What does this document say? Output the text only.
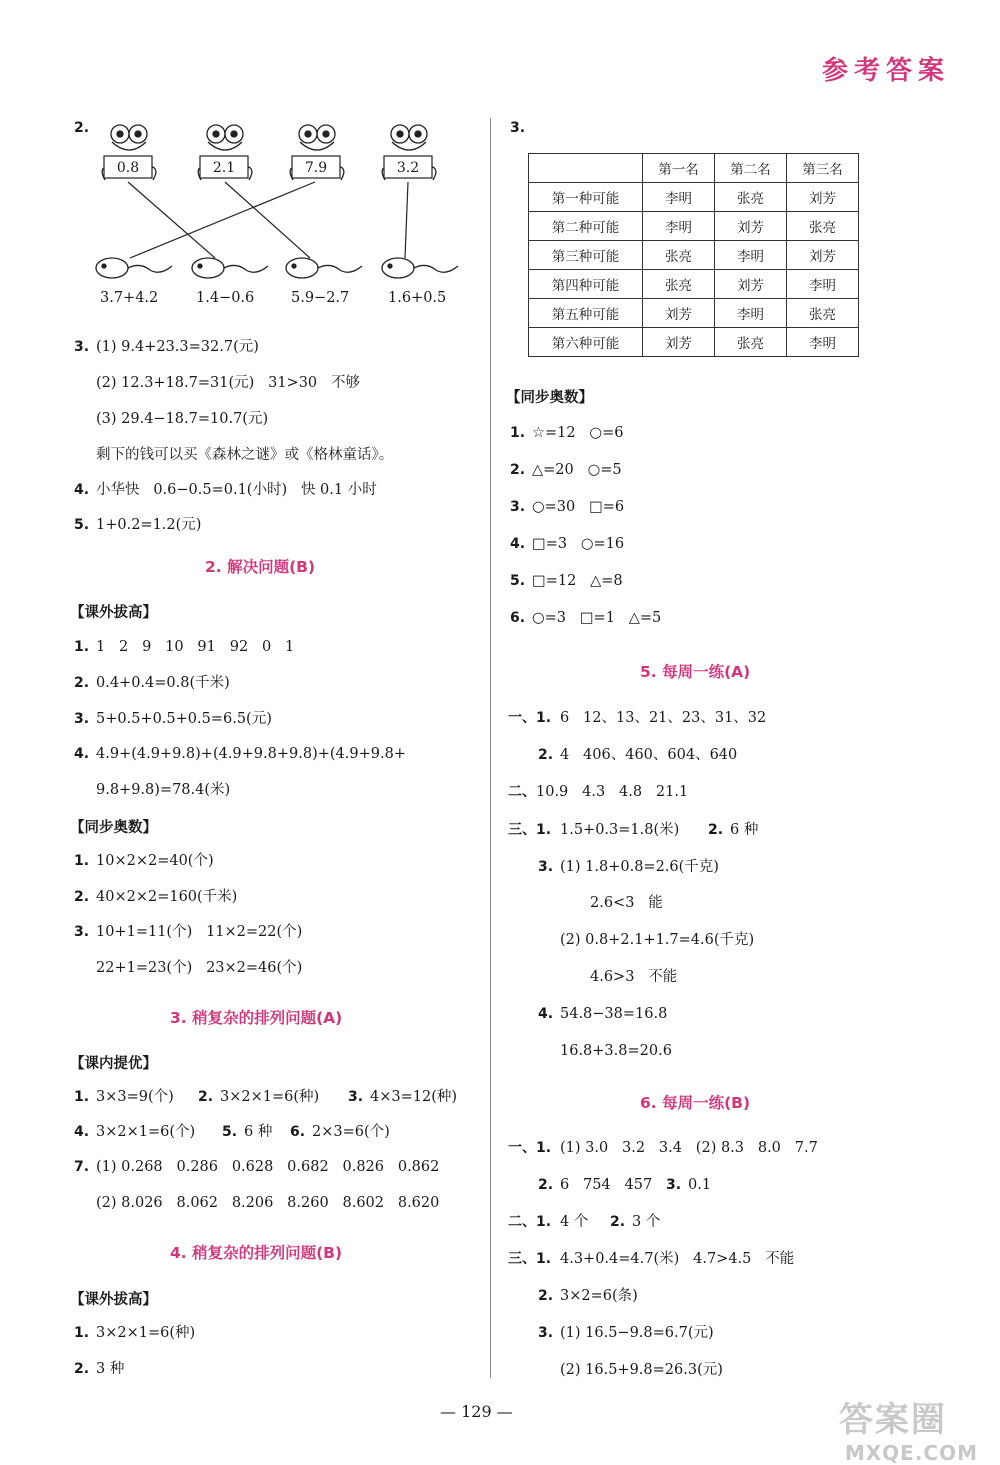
参考答案
2.
0.8	2.1	7.9	3.2
3.7+4.2	1.4−0.6	5.9−2.7	1.6+0.5
3. (1) 9.4+23.3=32.7(元)
(2) 12.3+18.7=31(元)   31>30   不够
(3) 29.4−18.7=10.7(元)
剩下的钱可以买《森林之谜》或《格林童话》。
4. 小华快   0.6−0.5=0.1(小时)   快 0.1 小时
5. 1+0.2=1.2(元)
2. 解决问题(B)
【课外拔高】
1. 1   2   9   10   91   92   0   1
2. 0.4+0.4=0.8(千米)
3. 5+0.5+0.5+0.5=6.5(元)
4. 4.9+(4.9+9.8)+(4.9+9.8+9.8)+(4.9+9.8+
9.8+9.8)=78.4(米)
【同步奥数】
1. 10×2×2=40(个)
2. 40×2×2=160(千米)
3. 10+1=11(个)   11×2=22(个)
22+1=23(个)   23×2=46(个)
3. 稍复杂的排列问题(A)
【课内提优】
1. 3×3=9(个) 2. 3×2×1=6(种) 3. 4×3=12(种)
4. 3×2×1=6(个) 5. 6 种 6. 2×3=6(个)
7. (1) 0.268   0.286   0.628   0.682   0.826   0.862
(2) 8.026   8.062   8.206   8.260   8.602   8.620
4. 稍复杂的排列问题(B)
【课外拔高】
1. 3×2×1=6(种)
2. 3 种
3.
	第一名	第二名	第三名
第一种可能	李明	张亮	刘芳
第二种可能	李明	刘芳	张亮
第三种可能	张亮	李明	刘芳
第四种可能	张亮	刘芳	李明
第五种可能	刘芳	李明	张亮
第六种可能	刘芳	张亮	李明
【同步奥数】
1. ☆=12   ○=6
2. △=20   ○=5
3. ○=30   □=6
4. □=3   ○=16
5. □=12   △=8
6. ○=3   □=1   △=5
5. 每周一练(A)
一、1. 6   12、13、21、23、31、32
2. 4   406、460、604、640
二、 10.9   4.3   4.8   21.1
三、1. 1.5+0.3=1.8(米) 2. 6 种
3. (1) 1.8+0.8=2.6(千克)
2.6<3   能
(2) 0.8+2.1+1.7=4.6(千克)
4.6>3   不能
4. 54.8−38=16.8
16.8+3.8=20.6
6. 每周一练(B)
一、1. (1) 3.0   3.2   3.4   (2) 8.3   8.0   7.7
2. 6   754   457 3. 0.1
二、1. 4 个 2. 3 个
三、1. 4.3+0.4=4.7(米)   4.7>4.5   不能
2. 3×2=6(条)
3. (1) 16.5−9.8=6.7(元)
(2) 16.5+9.8=26.3(元)
— 129 —	答案圈
MXQE.COM
